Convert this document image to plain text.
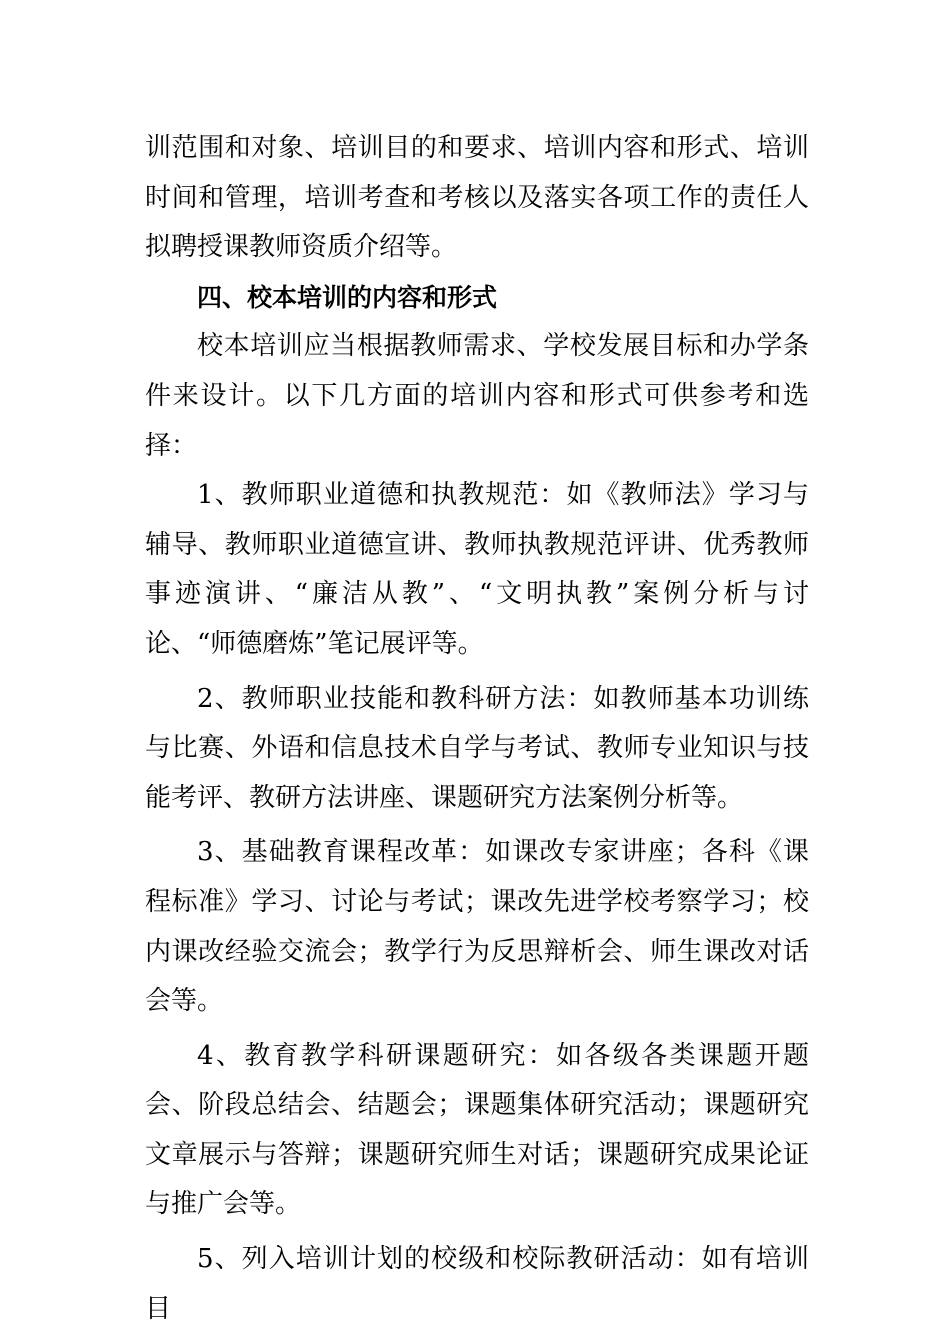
训范围和对象、培训目的和要求、培训内容和形式、培训时间和管理，培训考查和考核以及落实各项工作的责任人拟聘授课教师资质介绍等。

四、校本培训的内容和形式

校本培训应当根据教师需求、学校发展目标和办学条件来设计。以下几方面的培训内容和形式可供参考和选择：

1、教师职业道德和执教规范：如《教师法》学习与辅导、教师职业道德宣讲、教师执教规范评讲、优秀教师事迹演讲、“廉洁从教”、“文明执教”案例分析与讨论、“师德磨炼”笔记展评等。

2、教师职业技能和教科研方法：如教师基本功训练与比赛、外语和信息技术自学与考试、教师专业知识与技能考评、教研方法讲座、课题研究方法案例分析等。

3、基础教育课程改革：如课改专家讲座；各科《课程标准》学习、讨论与考试；课改先进学校考察学习；校内课改经验交流会；教学行为反思辩析会、师生课改对话会等。

4、教育教学科研课题研究：如各级各类课题开题会、阶段总结会、结题会；课题集体研究活动；课题研究文章展示与答辩；课题研究师生对话；课题研究成果论证与推广会等。

5、列入培训计划的校级和校际教研活动：如有培训目
